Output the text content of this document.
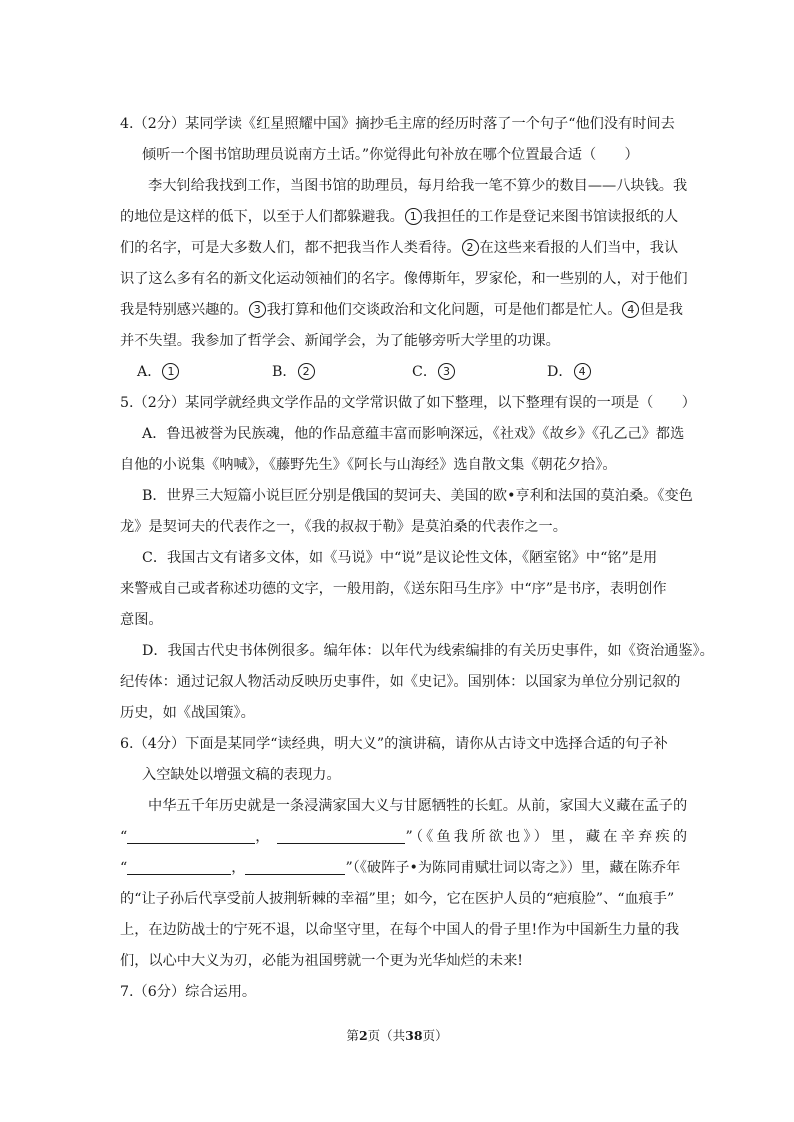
4.（2分）某同学读《红星照耀中国》摘抄毛主席的经历时落了一个句子“他们没有时间去
倾听一个图书馆助理员说南方土话。”你觉得此句补放在哪个位置最合适（　　）
李大钊给我找到工作，当图书馆的助理员，每月给我一笔不算少的数目——八块钱。我
的地位是这样的低下，以至于人们都躲避我。 1 我担任的工作是登记来图书馆读报纸的人
们的名字，可是大多数人们，都不把我当作人类看待。 2 在这些来看报的人们当中，我认
识了这么多有名的新文化运动领袖们的名字。像傅斯年，罗家伦，和一些别的人，对于他们
我是特别感兴趣的。 3 我打算和他们交谈政治和文化问题，可是他们都是忙人。 4 但是我
并不失望。我参加了哲学会、新闻学会，为了能够旁听大学里的功课。
A． 1	B． 2	C． 3	D． 4
5.（2分）某同学就经典文学作品的文学常识做了如下整理，以下整理有误的一项是（　　）
A．鲁迅被誉为民族魂，他的作品意蕴丰富而影响深远，《社戏》《故乡》《孔乙己》都选
自他的小说集《呐喊》，《藤野先生》《阿长与山海经》选自散文集《朝花夕拾》。
B．世界三大短篇小说巨匠分别是俄国的契诃夫、美国的欧•亨利和法国的莫泊桑。《变色
龙》是契诃夫的代表作之一，《我的叔叔于勒》是莫泊桑的代表作之一。
C．我国古文有诸多文体，如《马说》中“说”是议论性文体，《陋室铭》中“铭”是用
来警戒自己或者称述功德的文字，一般用韵，《送东阳马生序》中“序”是书序，表明创作
意图。
D．我国古代史书体例很多。编年体：以年代为线索编排的有关历史事件，如《资治通鉴》。
纪传体：通过记叙人物活动反映历史事件，如《史记》。国别体：以国家为单位分别记叙的
历史，如《战国策》。
6.（4分）下面是某同学“读经典，明大义”的演讲稿，请你从古诗文中选择合适的句子补
入空缺处以增强文稿的表现力。
中华五千年历史就是一条浸满家国大义与甘愿牺牲的长虹。从前，家国大义藏在孟子的
“	，	”（《鱼我所欲也》）里，藏在辛弃疾的
“	，	”（《破阵子•为陈同甫赋壮词以寄之》）里，藏在陈乔年
的“让子孙后代享受前人披荆斩棘的幸福”里；如今，它在医护人员的“疤痕脸”、“血痕手”
上，在边防战士的宁死不退，以命坚守里，在每个中国人的骨子里!作为中国新生力量的我
们，以心中大义为刃，必能为祖国劈就一个更为光华灿烂的未来!
7.（6分）综合运用。
第2页（共38页）
